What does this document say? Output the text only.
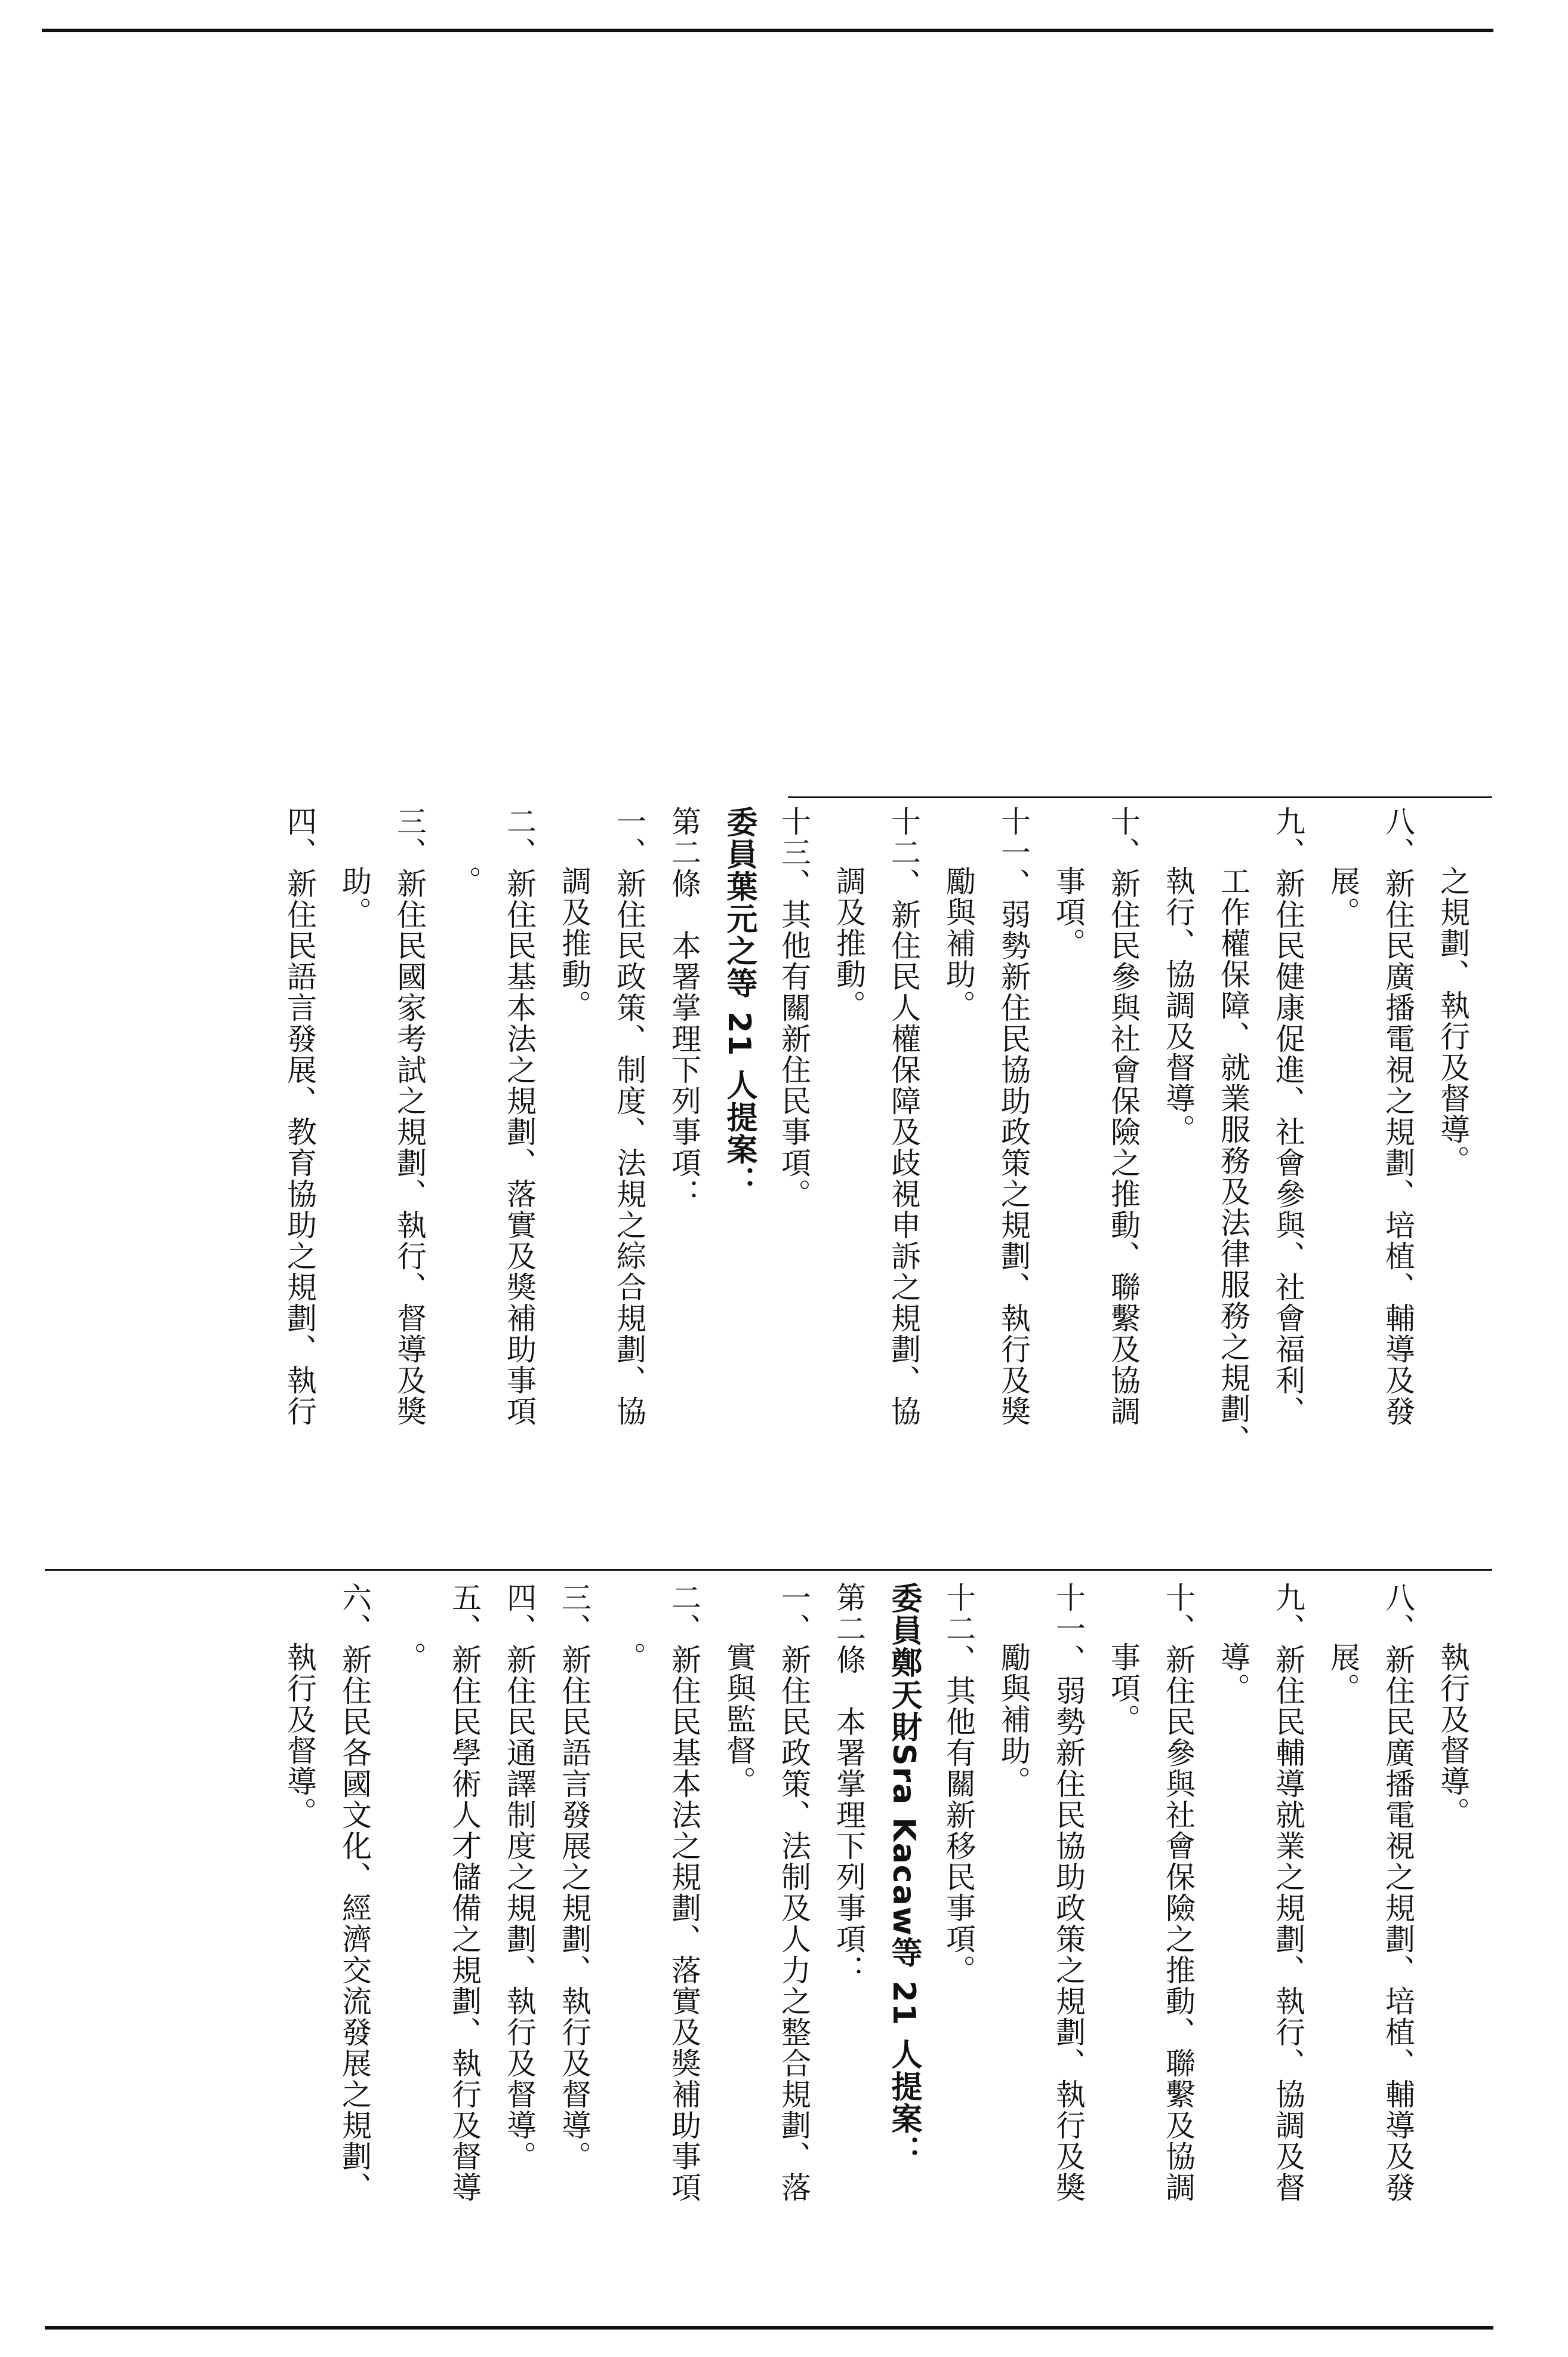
執行及督導。

八、新住民廣播電視之規劃、培植、輔導及發

展。

九、新住民輔導就業之規劃、執行、協調及督

導。

十、新住民參與社會保險之推動、聯繫及協調

事項。

十一、弱勢新住民協助政策之規劃、執行及獎

勵與補助。

十二、其他有關新移民事項。

委員鄭天財Sra Kacaw等 21 人提案：

第二條　本署掌理下列事項：

一、新住民政策、法制及人力之整合規劃、落

實與監督。

二、新住民基本法之規劃、落實及獎補助事項

。

三、新住民語言發展之規劃、執行及督導。

四、新住民通譯制度之規劃、執行及督導。

五、新住民學術人才儲備之規劃、執行及督導

。

六、新住民各國文化、經濟交流發展之規劃、

執行及督導。

之規劃、執行及督導。

八、新住民廣播電視之規劃、培植、輔導及發

展。

九、新住民健康促進、社會參與、社會福利、

工作權保障、就業服務及法律服務之規劃、

執行、協調及督導。

十、新住民參與社會保險之推動、聯繫及協調

事項。

十一、弱勢新住民協助政策之規劃、執行及獎

勵與補助。

十二、新住民人權保障及歧視申訴之規劃、協

調及推動。

十三、其他有關新住民事項。

委員葉元之等 21 人提案：

第二條　本署掌理下列事項：

一、新住民政策、制度、法規之綜合規劃、協

調及推動。

二、新住民基本法之規劃、落實及獎補助事項

。

三、新住民國家考試之規劃、執行、督導及獎

助。

四、新住民語言發展、教育協助之規劃、執行
